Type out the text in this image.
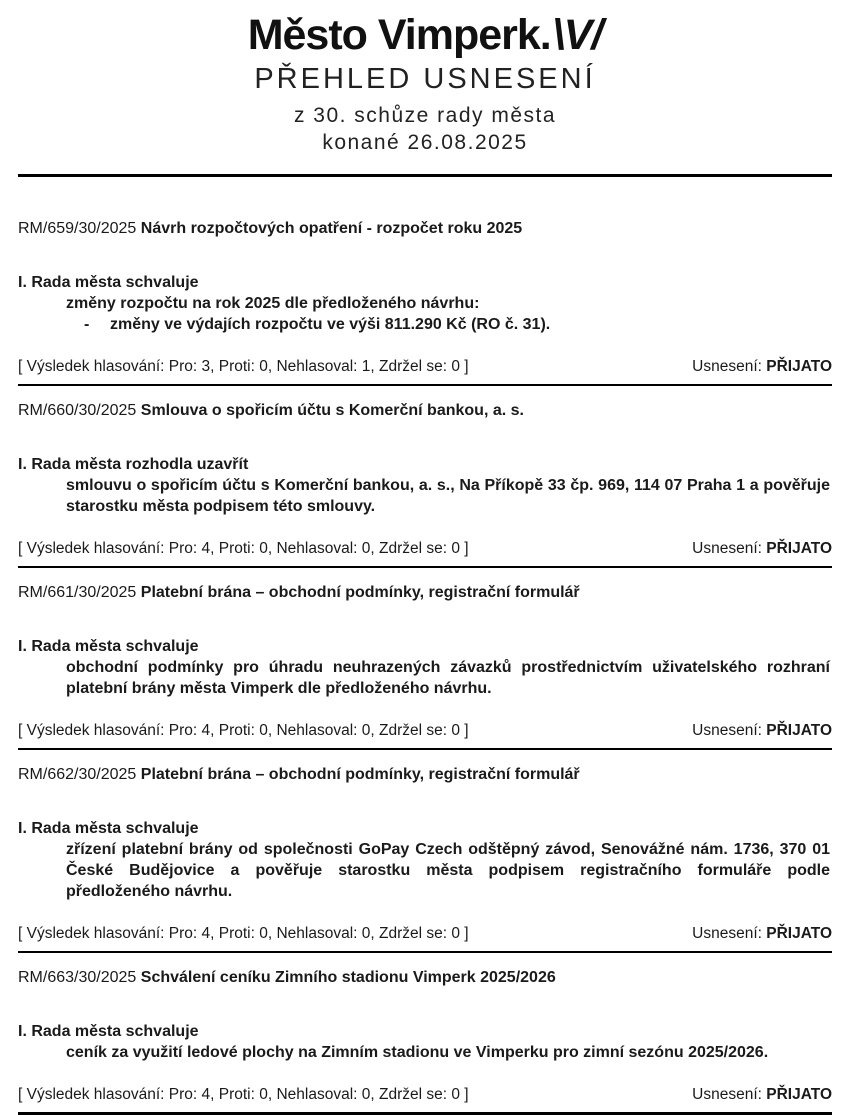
Město Vimperk.\V/
PŘEHLED USNESENÍ
z 30. schůze rady města
konané 26.08.2025
RM/659/30/2025 Návrh rozpočtových opatření - rozpočet roku 2025
I. Rada města schvaluje
změny rozpočtu na rok 2025 dle předloženého návrhu:
-	změny ve výdajích rozpočtu ve výši 811.290 Kč (RO č. 31).
[ Výsledek hlasování: Pro: 3, Proti: 0, Nehlasoval: 1, Zdržel se: 0 ]	Usnesení: PŘIJATO
RM/660/30/2025 Smlouva o spořicím účtu s Komerční bankou, a. s.
I. Rada města rozhodla uzavřít
smlouvu o spořicím účtu s Komerční bankou, a. s., Na Příkopě 33 čp. 969, 114 07 Praha 1 a pověřuje starostku města podpisem této smlouvy.
[ Výsledek hlasování: Pro: 4, Proti: 0, Nehlasoval: 0, Zdržel se: 0 ]	Usnesení: PŘIJATO
RM/661/30/2025 Platební brána – obchodní podmínky, registrační formulář
I. Rada města schvaluje
obchodní podmínky pro úhradu neuhrazených závazků prostřednictvím uživatelského rozhraní platební brány města Vimperk dle předloženého návrhu.
[ Výsledek hlasování: Pro: 4, Proti: 0, Nehlasoval: 0, Zdržel se: 0 ]	Usnesení: PŘIJATO
RM/662/30/2025 Platební brána – obchodní podmínky, registrační formulář
I. Rada města schvaluje
zřízení platební brány od společnosti GoPay Czech odštěpný závod, Senovážné nám. 1736, 370 01 České Budějovice a pověřuje starostku města podpisem registračního formuláře podle předloženého návrhu.
[ Výsledek hlasování: Pro: 4, Proti: 0, Nehlasoval: 0, Zdržel se: 0 ]	Usnesení: PŘIJATO
RM/663/30/2025 Schválení ceníku Zimního stadionu Vimperk 2025/2026
I. Rada města schvaluje
ceník za využití ledové plochy na Zimním stadionu ve Vimperku pro zimní sezónu 2025/2026.
[ Výsledek hlasování: Pro: 4, Proti: 0, Nehlasoval: 0, Zdržel se: 0 ]	Usnesení: PŘIJATO
